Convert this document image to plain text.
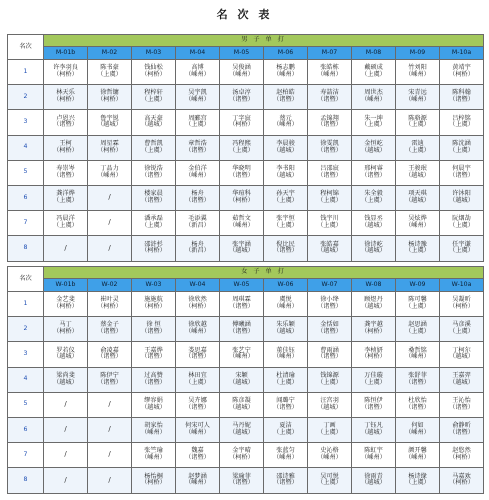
名 次 表
名次	男 子 单 打									
	M-01b	M-02	M-03	M-04	M-05	M-06	M-07	M-08	M-09	M-10a
1	许李羽良
（柯桥）	陈书豪
（上虞）	钱仙松
（柯桥）	高博
（嵊州）	吴俊涵
（嵊州）	杨志鹏
（嵊州）	张皓栋
（嵊州）	戴硕成
（上虞）	竹刘阳
（嵊州）	黄靖宇
（柯桥）

2	林天乐
（柯桥）	徐哲镛
（柯桥）	程梓轩
（上虞）	吴宇凯
（嵊州）	汤卓淳
（诸暨）	赵柏皓
（诸暨）	寿喆洁
（诸暨）	周世杰
（嵊州）	宋青远
（嵊州）	陈科翰
（诸暨）

3	卢恩兴
（诸暨）	鲁宇锐
（越城）	高天豪
（越城）	周郦宫
（上虞）	丁字宸
（柯桥）	蔡元
（嵊州）	孟锦翔
（诸暨）	朱一坤
（上虞）	陈骆源
（上虞）	吕梓铭
（上虞）

4	王柯
（柯桥）	周星霖
（柯桥）	曹哲凯
（上虞）	章哲浩
（诸暨）	冯程熙
（上虞）	李晨骏
（越城）	徐雯凯
（诸暨）	金恒屹
（越城）	雷迪
（上虞）	陈沈涵
（上虞）

5	寿崇岑
（诸暨）	丁品力
（嵊州）	徐锐浩
（诸暨）	金伯洋
（嵊州）	华晓明
（诸暨）	李书阳
（越城）	吕邵宸
（诸暨）	邢柯睿
（诸暨）	王骏珉
（越城）	何晨宇
（诸暨）

6	龚洋烨
（上虞）	/	楼家晨
（诸暨）	杨舟
（诸暨）	华瑄科
（柯桥）	孙天宇
（上虞）	程柯锦
（上虞）	朱全毅
（上虞）	项天琪
（越城）	许沐阳
（越城）

7	冯晨洋
（上虞）	/	潘承磊
（上虞）	毛添翼
（新昌）	茹哲文
（嵊州）	张宇恒
（上虞）	钱宇川
（上虞）	钱显丞
（越城）	吴炫烨
（嵊州）	阮烟劼
（上虞）

8	/	/	邵浒杉
（柯桥）	杨舟
（新昌）	张宇涵
（越城）	倪比民
（诸暨）	张皓嘉
（越城）	徐诗屹
（越城）	杨诗豫
（上虞）	任宇谦
（上虞）
名次	女 子 单 打									
	W-01b	W-02	W-03	W-04	W-05	W-06	W-07	W-08	W-09	W-10a
1	金艺斐
（柯桥）	崔叶灵
（柯桥）	施施航
（柯桥）	徐欣然
（柯桥）	周琪霖
（诸暨）	虞悦
（嵊州）	徐小绛
（诸暨）	顾煜丹
（越城）	陈可馨
（上虞）	吴凝昕
（柯桥）

2	马丁
（柯桥）	蔡金子
（诸暨）	徐 恒
（诸暨）	徐欣越
（嵊州）	傅曦涵
（诸暨）	朱乐颖
（越城）	金恬如
（诸暨）	龚宇越
（柯桥）	赵思涵
（上虞）	马彦溪
（上虞）

3	罗若仪
（越城）	俞凌嘉
（诸暨）	王嘉烨
（诸暨）	娄思嘉
（诸暨）	张艺宁
（嵊州）	董佳钰
（嵊州）	曹雨涵
（诸暨）	李桢妍
（柯桥）	桑哲铭
（嵊州）	丁柯尔
（越城）

4	梁尚斐
（越城）	陈伊宁
（诸暨）	过高赞
（诸暨）	林田宜
（上虞）	宋颖
（越城）	杜清瑜
（上虞）	钱锦源
（上虞）	万佳璇
（上虞）	张舒菲
（诸暨）	王嘉羿
（越城）

5	/	/	缪容娟
（越城）	吴卉娜
（诸暨）	陈彦凝
（越城）	闻璐宁
（诸暨）	汪宫羽
（越城）	陈恒伊
（诸暨）	杜欣怡
（诸暨）	王沁怡
（诸暨）

6	/	/	胡家怡
（嵊州）	何宋可人
（嵊州）	马丹妮
（越城）	夏洁
（上虞）	丁画
（上虞）	丁钰凡
（越城）	何如
（嵊州）	俞静昕
（诸暨）

7	/	/	张竺瑜
（嵊州）	魏嘉
（诸暨）	金宇晴
（柯桥）	张蓝匀
（嵊州）	史沁格
（嵊州）	陈虹宇
（嵊州）	颜开馨
（嵊州）	赵悠然
（柯桥）

8	/	/	杨怡桐
（柯桥）	赵梦涵
（嵊州）	梁瑜菲
（诸暨）	邵诗雅
（诸暨）	吴可悦
（上虞）	徐雨青
（越城）	杨诗缘
（上虞）	马嘉欢
（柯桥）
